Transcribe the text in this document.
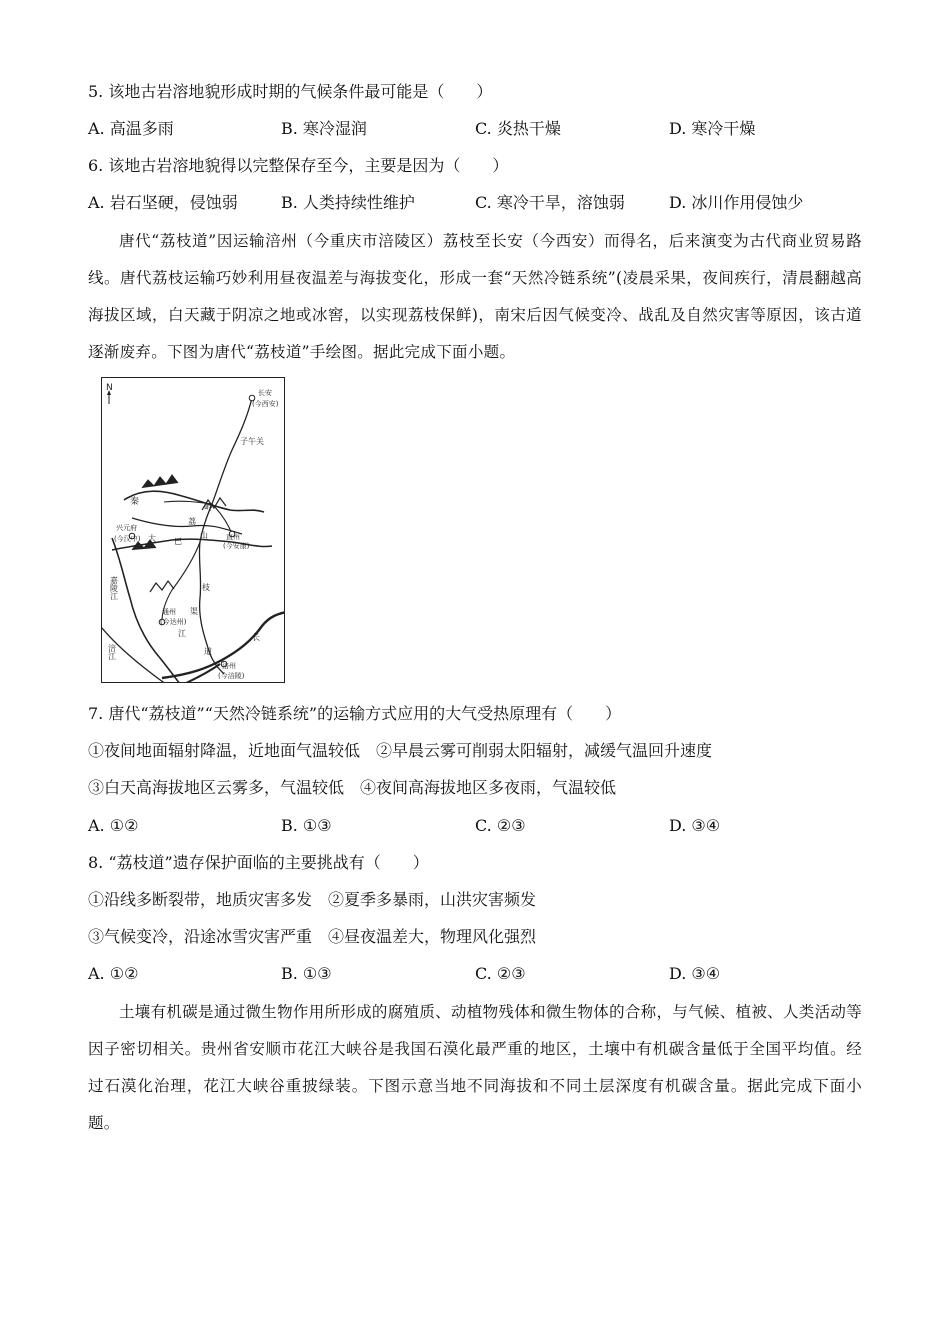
5. 该地古岩溶地貌形成时期的气候条件最可能是（　　）
A. 高温多雨	B. 寒冷湿润	C. 炎热干燥	D. 寒冷干燥
6. 该地古岩溶地貌得以完整保存至今，主要是因为（　　）
A. 岩石坚硬，侵蚀弱	B. 人类持续性维护	C. 寒冷干旱，溶蚀弱	D. 冰川作用侵蚀少

唐代“荔枝道”因运输涪州（今重庆市涪陵区）荔枝至长安（今西安）而得名，后来演变为古代商业贸易路线。唐代荔枝运输巧妙利用昼夜温差与海拔变化，形成一套“天然冷链系统”(凌晨采果，夜间疾行，清晨翻越高海拔区域，白天藏于阴凉之地或冰窖，以实现荔枝保鲜)，南宋后因气候变冷、战乱及自然灾害等原因，该古道逐渐废弃。下图为唐代“荔枝道”手绘图。据此完成下面小题。

N	长安
(今西安)
子午关
秦
岭
兴元府
(今汉中) 大 巴
山
荔
直州
(今安康)
嘉陵江
通州
(今达州)
枝
渠
江
道
涪江
涪州
(今涪陵)
长
7. 唐代“荔枝道”“天然冷链系统”的运输方式应用的大气受热原理有（　　）
①夜间地面辐射降温，近地面气温较低　②早晨云雾可削弱太阳辐射，减缓气温回升速度
③白天高海拔地区云雾多，气温较低　④夜间高海拔地区多夜雨，气温较低
A. ①②	B. ①③	C. ②③	D. ③④
8. “荔枝道”遗存保护面临的主要挑战有（　　）
①沿线多断裂带，地质灾害多发　②夏季多暴雨，山洪灾害频发
③气候变冷，沿途冰雪灾害严重　④昼夜温差大，物理风化强烈
A. ①②	B. ①③	C. ②③	D. ③④

土壤有机碳是通过微生物作用所形成的腐殖质、动植物残体和微生物体的合称，与气候、植被、人类活动等因子密切相关。贵州省安顺市花江大峡谷是我国石漠化最严重的地区，土壤中有机碳含量低于全国平均值。经过石漠化治理，花江大峡谷重披绿装。下图示意当地不同海拔和不同土层深度有机碳含量。据此完成下面小题。
